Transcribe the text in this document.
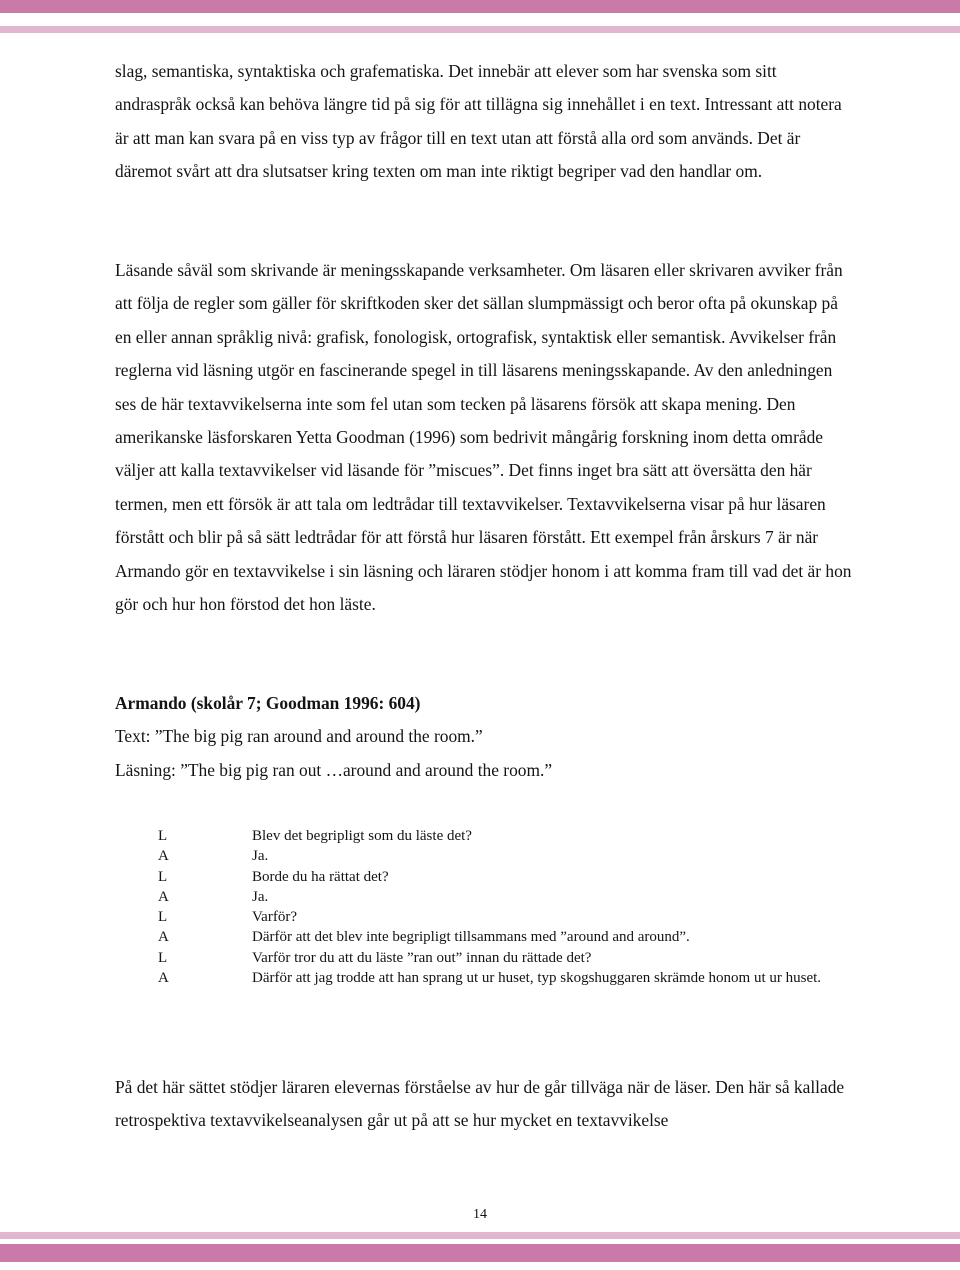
slag, semantiska, syntaktiska och grafematiska. Det innebär att elever som har svenska som sitt andraspråk också kan behöva längre tid på sig för att tillägna sig innehållet i en text. Intressant att notera är att man kan svara på en viss typ av frågor till en text utan att förstå alla ord som används. Det är däremot svårt att dra slutsatser kring texten om man inte riktigt begriper vad den handlar om.

Läsande såväl som skrivande är meningsskapande verksamheter. Om läsaren eller skrivaren avviker från att följa de regler som gäller för skriftkoden sker det sällan slumpmässigt och beror ofta på okunskap på en eller annan språklig nivå: grafisk, fonologisk, ortografisk, syntaktisk eller semantisk. Avvikelser från reglerna vid läsning utgör en fascinerande spegel in till läsarens meningsskapande. Av den anledningen ses de här textavvikelserna inte som fel utan som tecken på läsarens försök att skapa mening. Den amerikanske läsforskaren Yetta Goodman (1996) som bedrivit mångårig forskning inom detta område väljer att kalla textavvikelser vid läsande för ”miscues”. Det finns inget bra sätt att översätta den här termen, men ett försök är att tala om ledtrådar till textavvikelser. Textavvikelserna visar på hur läsaren förstått och blir på så sätt ledtrådar för att förstå hur läsaren förstått. Ett exempel från årskurs 7 är när Armando gör en textavvikelse i sin läsning och läraren stödjer honom i att komma fram till vad det är hon gör och hur hon förstod det hon läste.

Armando (skolår 7; Goodman 1996: 604)
Text: ”The big pig ran around and around the room.”
Läsning: ”The big pig ran out …around and around the room.”
L	Blev det begripligt som du läste det?
A	Ja.
L	Borde du ha rättat det?
A	Ja.
L	Varför?
A	Därför att det blev inte begripligt tillsammans med ”around and around”.
L	Varför tror du att du läste ”ran out” innan du rättade det?
A	Därför att jag trodde att han sprang ut ur huset, typ skogshuggaren skrämde honom ut ur huset.

På det här sättet stödjer läraren elevernas förståelse av hur de går tillväga när de läser. Den här så kallade retrospektiva textavvikelseanalysen går ut på att se hur mycket en textavvikelse

14
